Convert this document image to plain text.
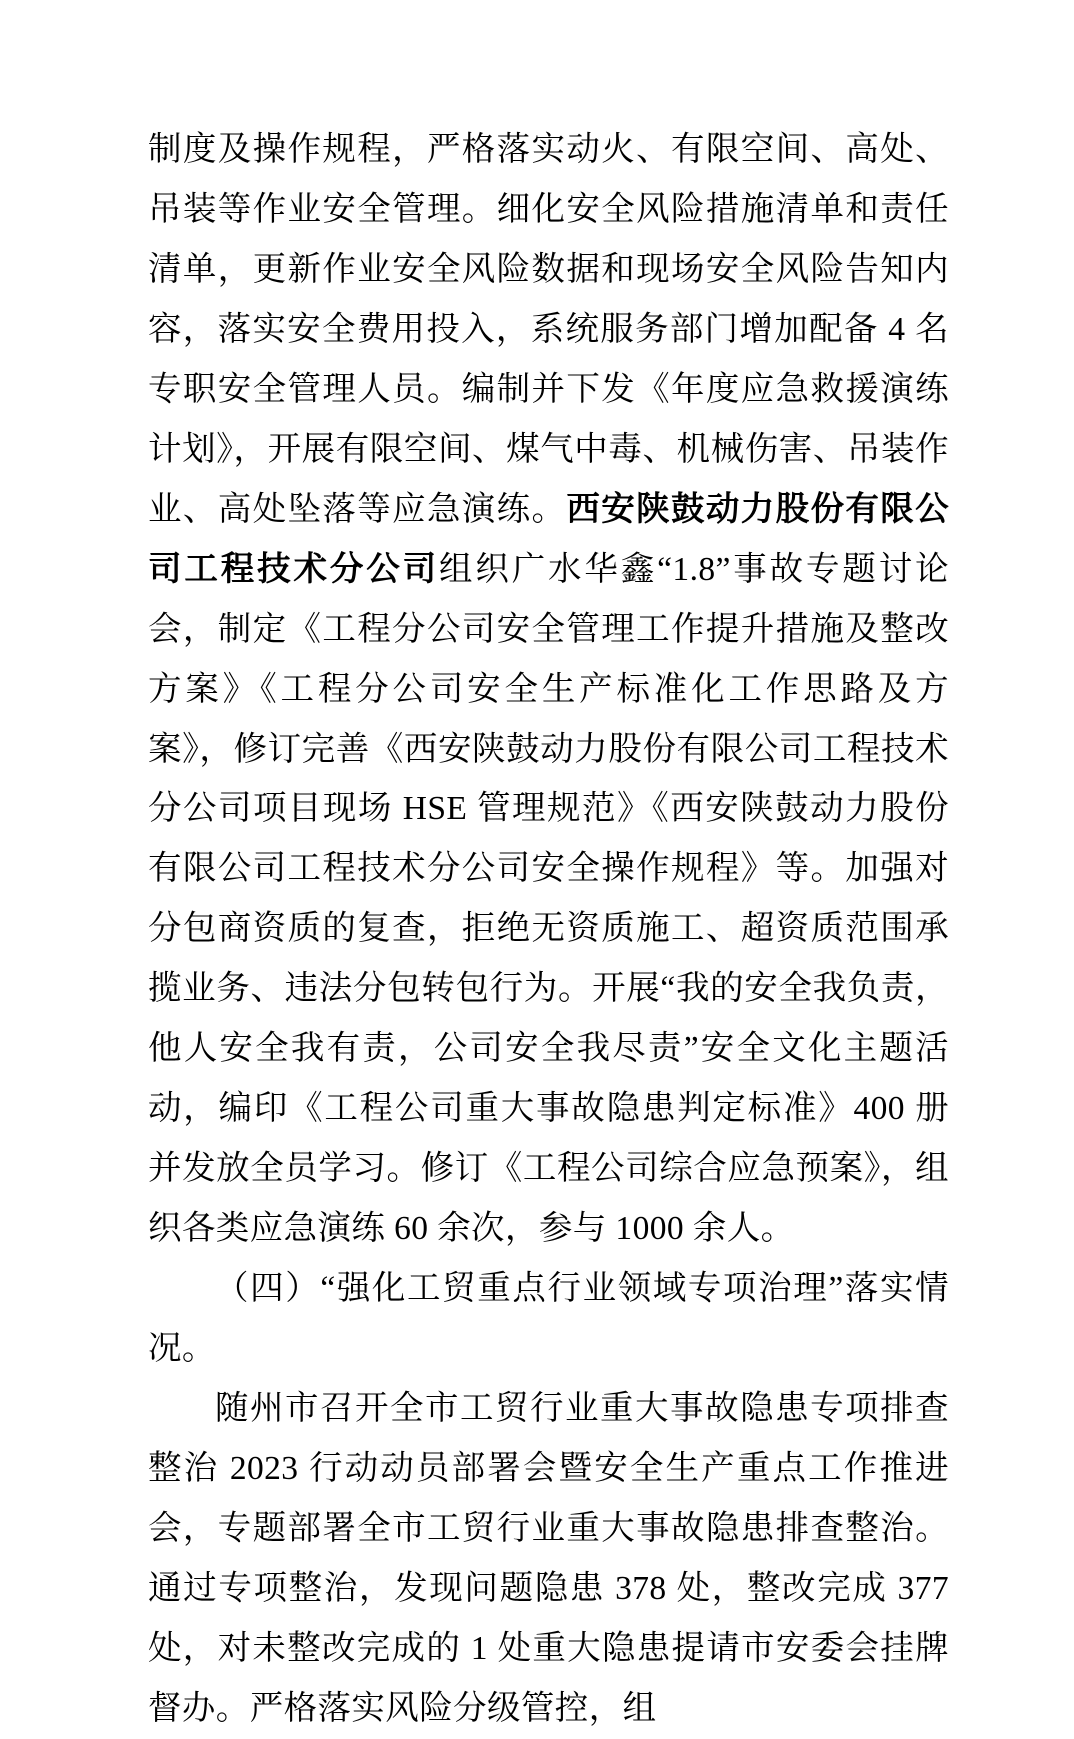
制度及操作规程，严格落实动火、有限空间、高处、吊装等作业安全管理。细化安全风险措施清单和责任清单，更新作业安全风险数据和现场安全风险告知内容，落实安全费用投入，系统服务部门增加配备 4 名专职安全管理人员。编制并下发《年度应急救援演练计划》，开展有限空间、煤气中毒、机械伤害、吊装作业、高处坠落等应急演练。西安陕鼓动力股份有限公司工程技术分公司组织广水华鑫“1.8”事故专题讨论会，制定《工程分公司安全管理工作提升措施及整改方案》《工程分公司安全生产标准化工作思路及方案》，修订完善《西安陕鼓动力股份有限公司工程技术分公司项目现场 HSE 管理规范》《西安陕鼓动力股份有限公司工程技术分公司安全操作规程》等。加强对分包商资质的复查，拒绝无资质施工、超资质范围承揽业务、违法分包转包行为。开展“我的安全我负责，他人安全我有责，公司安全我尽责”安全文化主题活动，编印《工程公司重大事故隐患判定标准》400 册并发放全员学习。修订《工程公司综合应急预案》，组织各类应急演练 60 余次，参与 1000 余人。

（四）“强化工贸重点行业领域专项治理”落实情况。

随州市召开全市工贸行业重大事故隐患专项排查整治 2023 行动动员部署会暨安全生产重点工作推进会，专题部署全市工贸行业重大事故隐患排查整治。通过专项整治，发现问题隐患 378 处，整改完成 377 处，对未整改完成的 1 处重大隐患提请市安委会挂牌督办。严格落实风险分级管控，组
